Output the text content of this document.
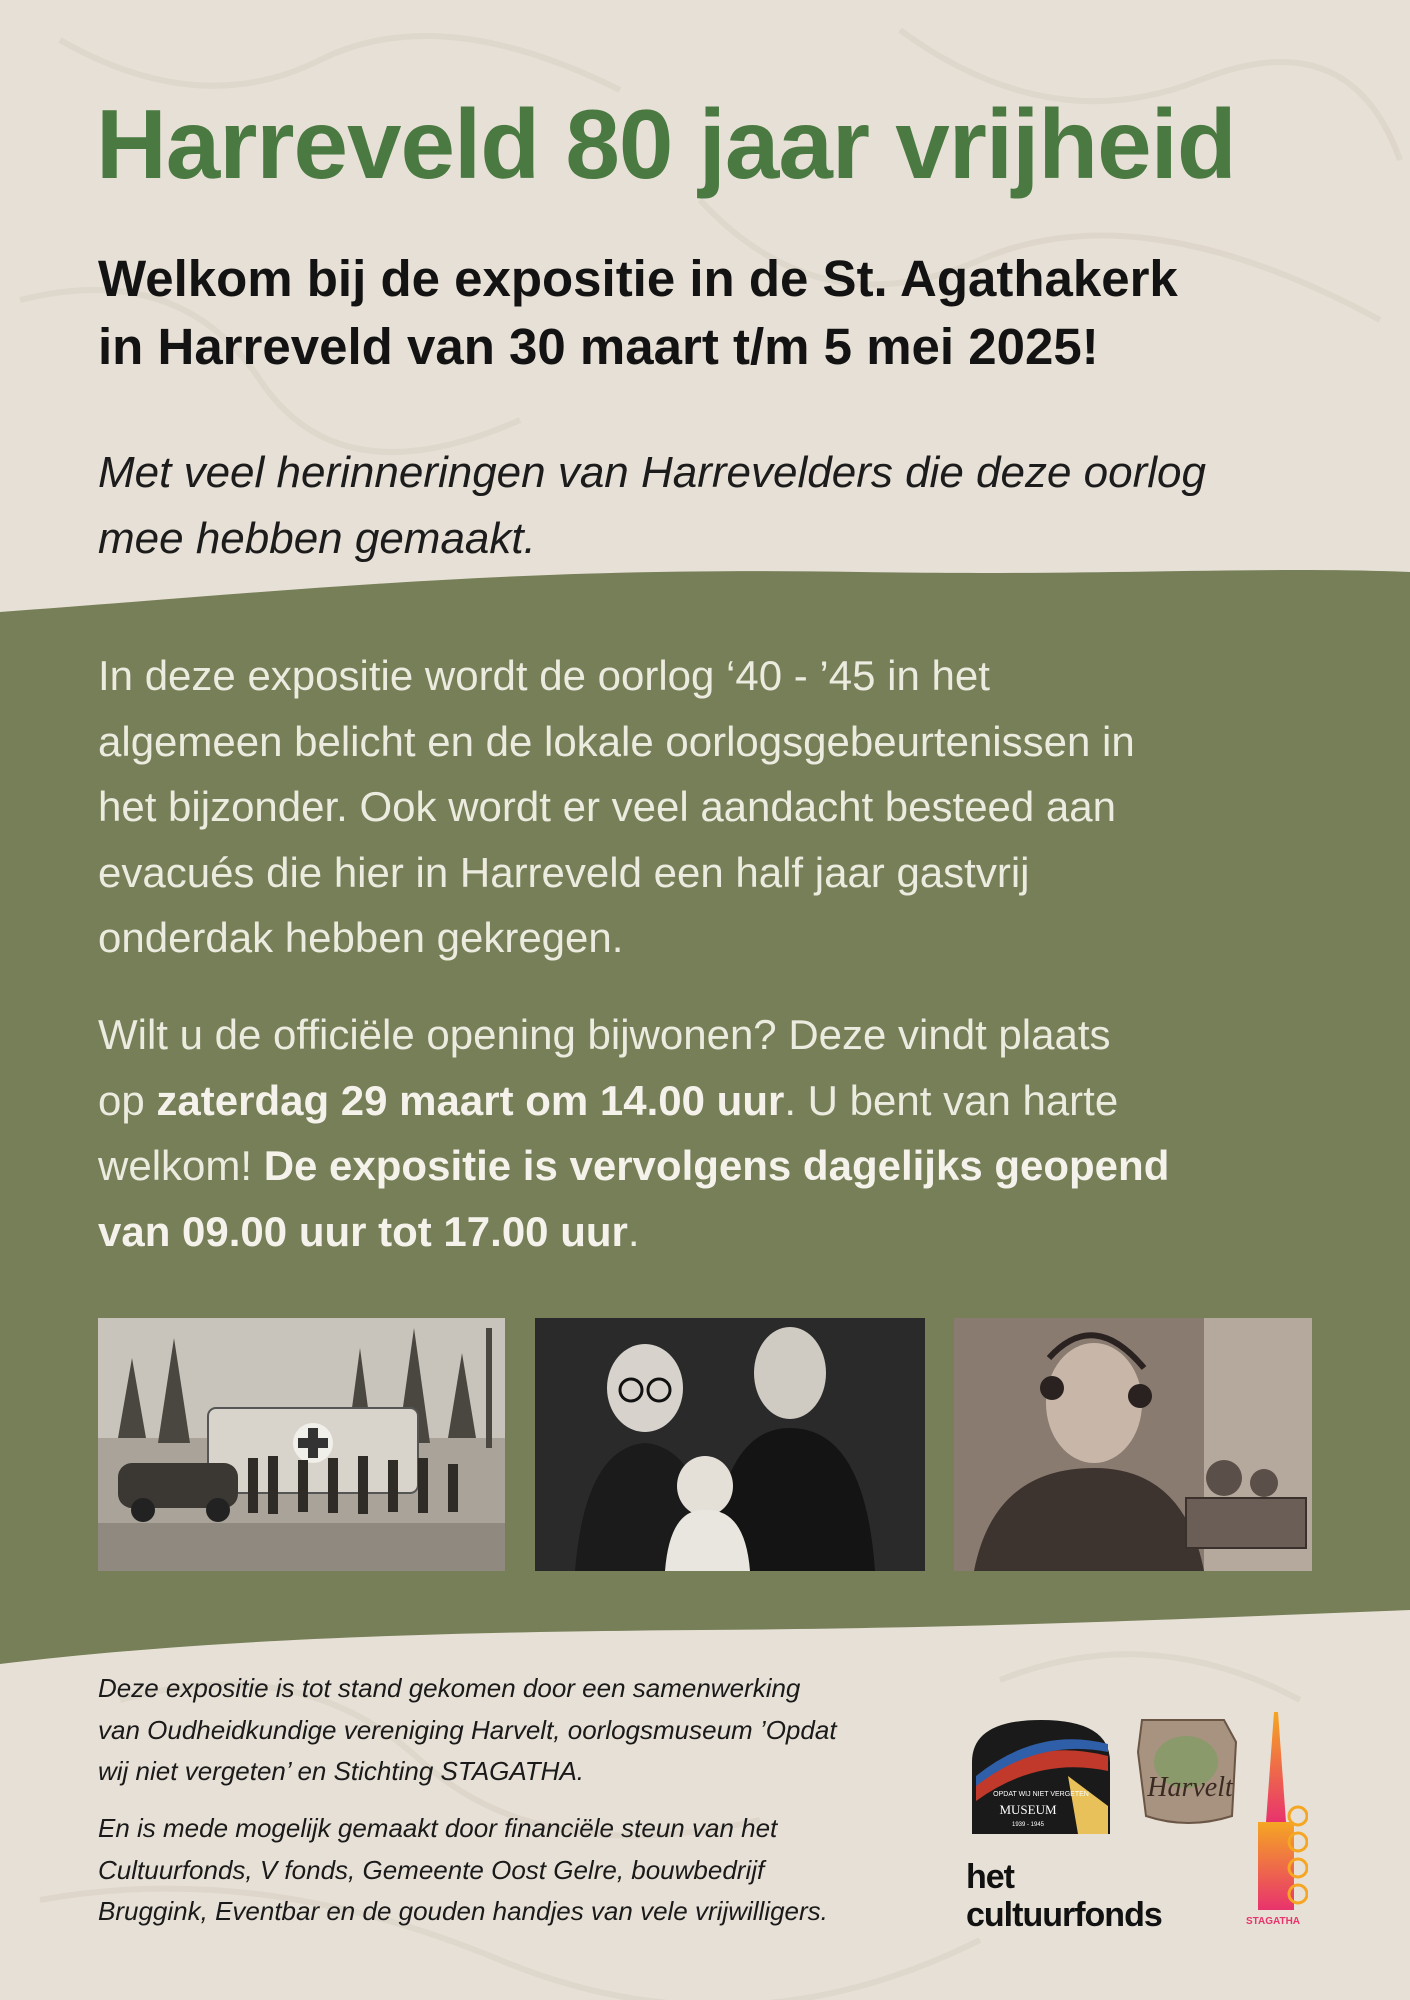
Harreveld 80 jaar vrijheid
Welkom bij de expositie in de St. Agathakerk
in Harreveld van 30 maart t/m 5 mei 2025!
Met veel herinneringen van Harrevelders die deze oorlog
mee hebben gemaakt.
In deze expositie wordt de oorlog ‘40 - ’45 in het
algemeen belicht en de lokale oorlogsgebeurtenissen in
het bijzonder. Ook wordt er veel aandacht besteed aan
evacués die hier in Harreveld een half jaar gastvrij
onderdak hebben gekregen.
Wilt u de officiële opening bijwonen? Deze vindt plaats
op zaterdag 29 maart om 14.00 uur. U bent van harte
welkom! De expositie is vervolgens dagelijks geopend
van 09.00 uur tot 17.00 uur.
Deze expositie is tot stand gekomen door een samenwerking
van Oudheidkundige vereniging Harvelt, oorlogsmuseum ’Opdat
wij niet vergeten’ en Stichting STAGATHA.
En is mede mogelijk gemaakt door financiële steun van het
Cultuurfonds, V fonds, Gemeente Oost Gelre, bouwbedrijf
Bruggink, Eventbar en de gouden handjes van vele vrijwilligers.
OPDAT WIJ NIET VERGETEN
MUSEUM
1939 - 1945
Harvelt
het
cultuurfonds	STAGATHA
